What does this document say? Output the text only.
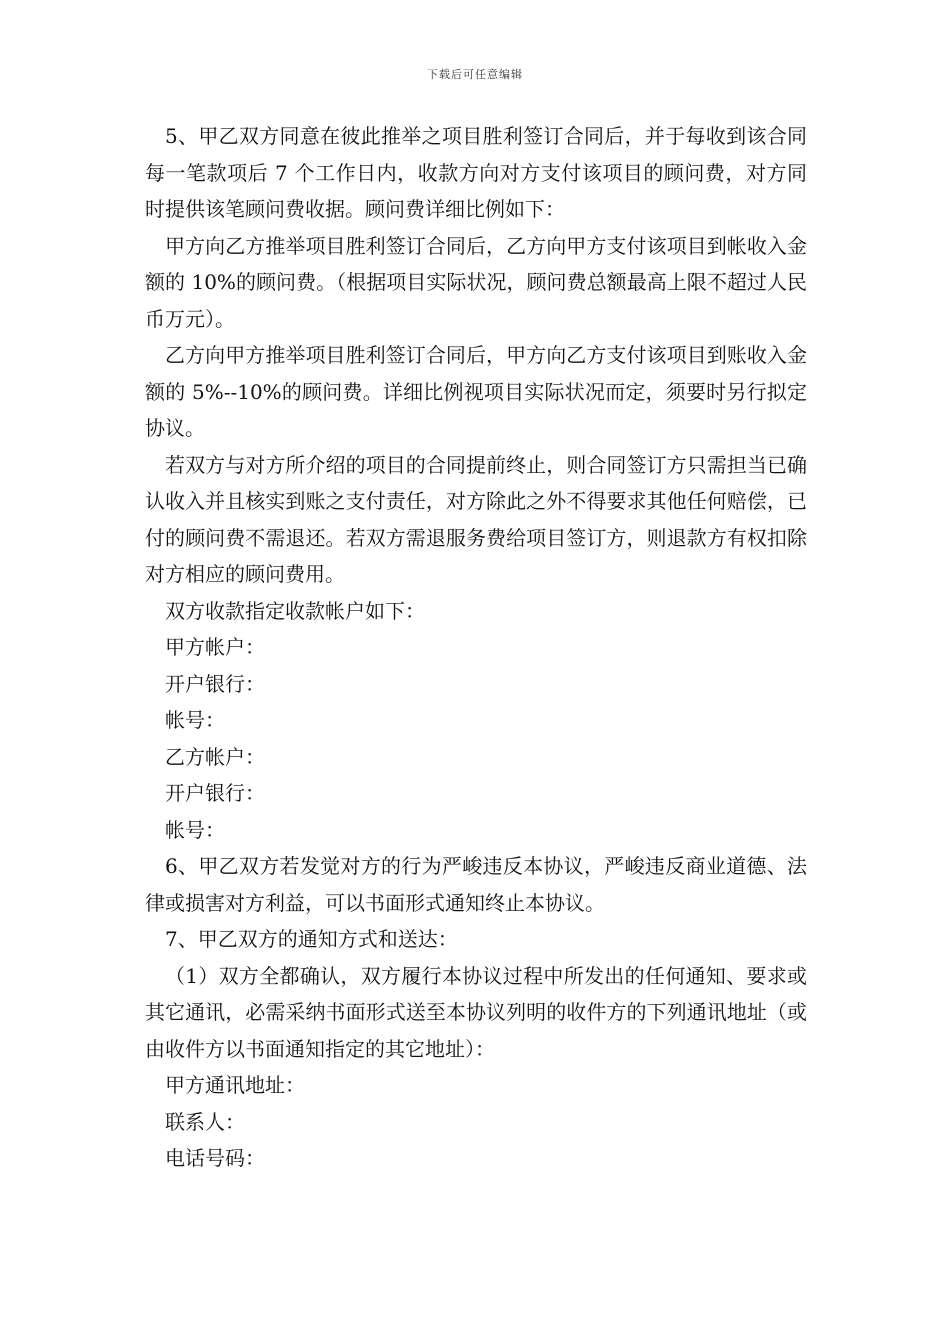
下载后可任意编辑

5、甲乙双方同意在彼此推举之项目胜利签订合同后，并于每收到该合同每一笔款项后 7 个工作日内，收款方向对方支付该项目的顾问费，对方同时提供该笔顾问费收据。顾问费详细比例如下：

甲方向乙方推举项目胜利签订合同后，乙方向甲方支付该项目到帐收入金额的 10%的顾问费。（根据项目实际状况，顾问费总额最高上限不超过人民币万元）。

乙方向甲方推举项目胜利签订合同后，甲方向乙方支付该项目到账收入金额的 5%--10%的顾问费。详细比例视项目实际状况而定，须要时另行拟定协议。

若双方与对方所介绍的项目的合同提前终止，则合同签订方只需担当已确认收入并且核实到账之支付责任，对方除此之外不得要求其他任何赔偿，已付的顾问费不需退还。若双方需退服务费给项目签订方，则退款方有权扣除对方相应的顾问费用。

双方收款指定收款帐户如下：

甲方帐户：

开户银行：

帐号：

乙方帐户：

开户银行：

帐号：

6、甲乙双方若发觉对方的行为严峻违反本协议，严峻违反商业道德、法律或损害对方利益，可以书面形式通知终止本协议。

7、甲乙双方的通知方式和送达：

（1）双方全都确认，双方履行本协议过程中所发出的任何通知、要求或其它通讯，必需采纳书面形式送至本协议列明的收件方的下列通讯地址（或由收件方以书面通知指定的其它地址）：

甲方通讯地址：

联系人：

电话号码：
